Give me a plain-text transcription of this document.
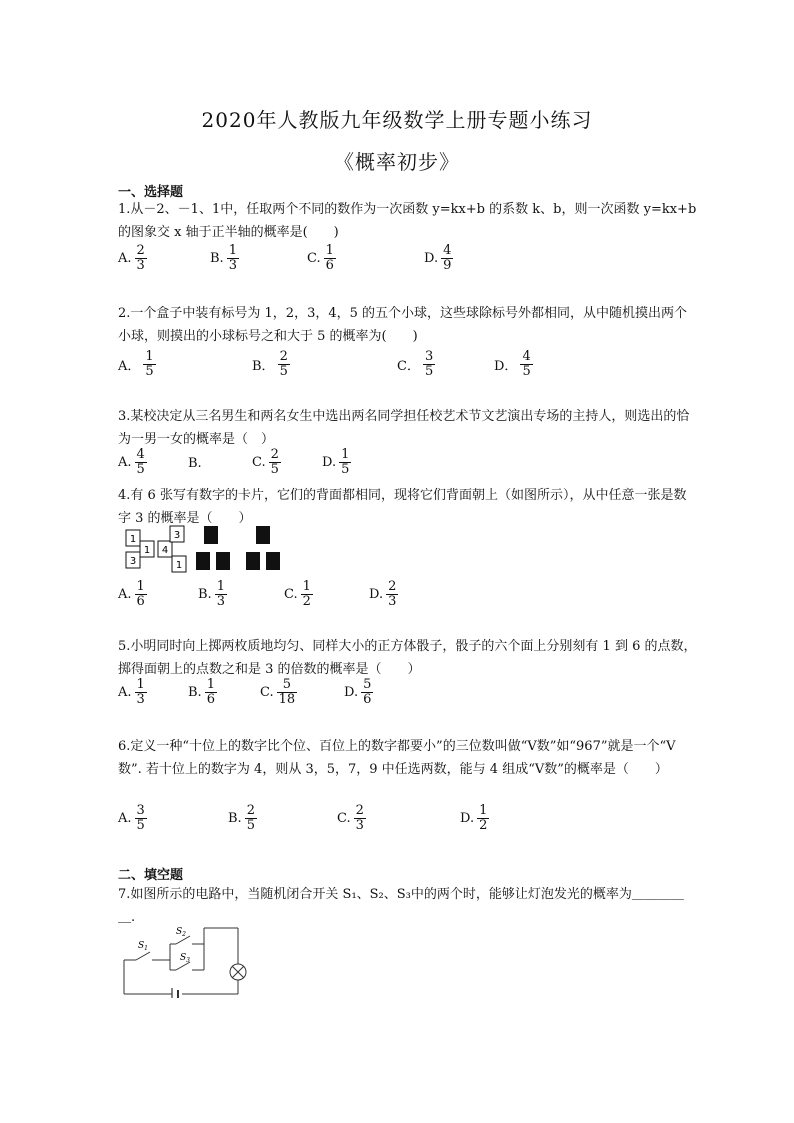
2020年人教版九年级数学上册专题小练习
《概率初步》
一、选择题
1.从－2、－1、1中，任取两个不同的数作为一次函数 y=kx+b 的系数 k、b，则一次函数 y=kx+b 的图象交 x 轴于正半轴的概率是(　　)
A. $\frac{2}{3}$	B. $\frac{1}{3}$	C. $\frac{1}{6}$	D. $\frac{4}{9}$
2.一个盒子中装有标号为 1，2，3，4，5 的五个小球，这些球除标号外都相同，从中随机摸出两个小球，则摸出的小球标号之和大于 5 的概率为(　　)
A． $\frac{1}{5}$	B． $\frac{2}{5}$	C． $\frac{3}{5}$	D． $\frac{4}{5}$
3.某校决定从三名男生和两名女生中选出两名同学担任校艺术节文艺演出专场的主持人，则选出的恰为一男一女的概率是（　）
A. $\frac{4}{5}$	B.	C. $\frac{2}{5}$	D. $\frac{1}{5}$
4.有 6 张写有数字的卡片，它们的背面都相同，现将它们背面朝上（如图所示），从中任意一张是数字 3 的概率是（　　）
1
3
1 4
3
1
A. $\frac{1}{6}$	B. $\frac{1}{3}$	C. $\frac{1}{2}$	D. $\frac{2}{3}$
5.小明同时向上掷两枚质地均匀、同样大小的正方体骰子，骰子的六个面上分别刻有 1 到 6 的点数，掷得面朝上的点数之和是 3 的倍数的概率是（　　）
A. $\frac{1}{3}$	B. $\frac{1}{6}$	C. $\frac{5}{18}$	D. $\frac{5}{6}$
6.定义一种“十位上的数字比个位、百位上的数字都要小”的三位数叫做“V数”如“967”就是一个“V数”. 若十位上的数字为 4，则从 3，5，7，9 中任选两数，能与 4 组成“V数”的概率是（　　）
A. $\frac{3}{5}$	B. $\frac{2}{5}$	C. $\frac{2}{3}$	D. $\frac{1}{2}$
二、填空题
7.如图所示的电路中，当随机闭合开关 S₁、S₂、S₃中的两个时，能够让灯泡发光的概率为＿＿＿＿＿.
$S_1$
$S_2$
$S_3$
